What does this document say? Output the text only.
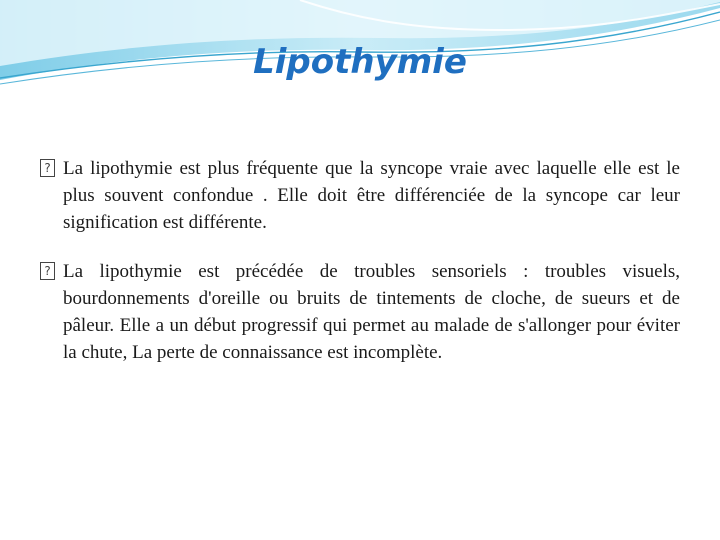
Lipothymie

? La lipothymie est plus fréquente que la syncope vraie avec laquelle elle est le plus souvent confondue . Elle doit être différenciée de la syncope car leur signification est différente.

? La lipothymie est précédée de troubles sensoriels : troubles visuels, bourdonnements d'oreille ou bruits de tintements de cloche, de sueurs et de pâleur. Elle a un début progressif qui permet au malade de s'allonger pour éviter la chute, La perte de connaissance est incomplète.
